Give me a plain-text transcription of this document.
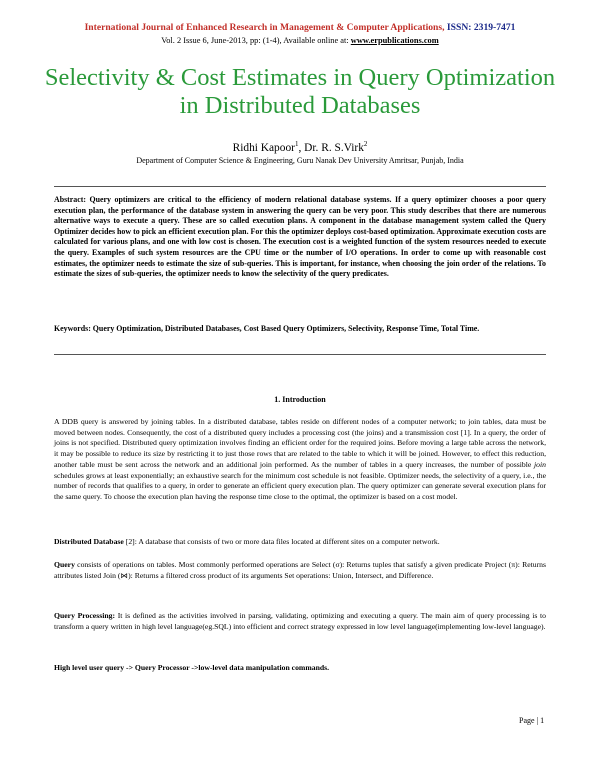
International Journal of Enhanced Research in Management & Computer Applications, ISSN: 2319-7471
Vol. 2 Issue 6, June-2013, pp: (1-4), Available online at: www.erpublications.com
Selectivity & Cost Estimates in Query Optimization
in Distributed Databases
Ridhi Kapoor$^1$, Dr. R. S.Virk$^2$
Department of Computer Science & Engineering, Guru Nanak Dev University Amritsar, Punjab, India
Abstract: Query optimizers are critical to the efficiency of modern relational database systems. If a query optimizer chooses a poor query execution plan, the performance of the database system in answering the query can be very poor. This study describes that there are numerous alternative ways to execute a query. These are so called execution plans. A component in the database management system called the Query Optimizer decides how to pick an efficient execution plan. For this the optimizer deploys cost-based optimization. Approximate execution costs are calculated for various plans, and one with low cost is chosen. The execution cost is a weighted function of the system resources needed to execute the query. Examples of such system resources are the CPU time or the number of I/O operations. In order to come up with reasonable cost estimates, the optimizer needs to estimate the size of sub-queries. This is important, for instance, when choosing the join order of the relations. To estimate the sizes of sub-queries, the optimizer needs to know the selectivity of the query predicates.
Keywords: Query Optimization, Distributed Databases, Cost Based Query Optimizers, Selectivity, Response Time, Total Time.
1. Introduction
A DDB query is answered by joining tables. In a distributed database, tables reside on different nodes of a computer network; to join tables, data must be moved between nodes. Consequently, the cost of a distributed query includes a processing cost (the joins) and a transmission cost [1]. In a query, the order of joins is not specified. Distributed query optimization involves finding an efficient order for the required joins. Before moving a large table across the network, it may be possible to reduce its size by restricting it to just those rows that are related to the table to which it will be joined. However, to effect this reduction, another table must be sent across the network and an additional join performed. As the number of tables in a query increases, the number of possible join schedules grows at least exponentially; an exhaustive search for the minimum cost schedule is not feasible. Optimizer needs, the selectivity of a query, i.e., the number of records that qualifies to a query, in order to generate an efficient query execution plan. The query optimizer can generate several execution plans for the same query. To choose the execution plan having the response time close to the optimal, the optimizer is based on a cost model.
Distributed Database [2]: A database that consists of two or more data files located at different sites on a computer network.
Query consists of operations on tables. Most commonly performed operations are Select (σ): Returns tuples that satisfy a given predicate Project (π): Returns attributes listed Join (⋈): Returns a filtered cross product of its arguments Set operations: Union, Intersect, and Difference.
Query Processing: It is defined as the activities involved in parsing, validating, optimizing and executing a query. The main aim of query processing is to transform a query written in high level language(eg.SQL) into efficient and correct strategy expressed in low level language(implementing low-level language).
High level user query -> Query Processor ->low-level data manipulation commands.
Page | 1
